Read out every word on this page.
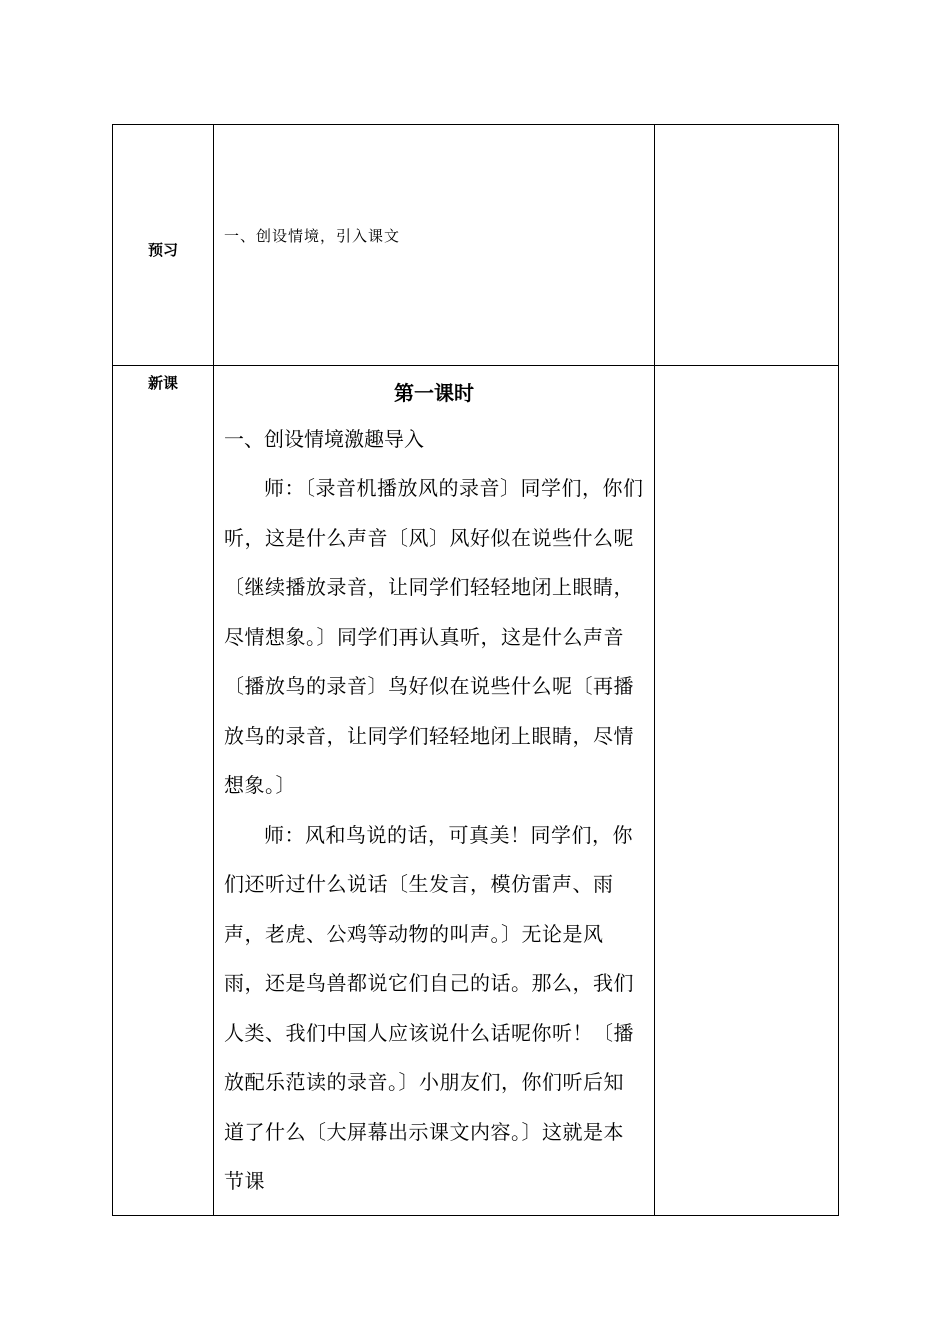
预习	一、创设情境，引入课文	

新课	第一课时
一、创设情境激趣导入

师：〔录音机播放风的录音〕同学们，你们听，这是什么声音〔风〕风好似在说些什么呢〔继续播放录音，让同学们轻轻地闭上眼睛，尽情想象。〕同学们再认真听，这是什么声音〔播放鸟的录音〕鸟好似在说些什么呢〔再播放鸟的录音，让同学们轻轻地闭上眼睛，尽情想象。〕

师：风和鸟说的话，可真美！同学们，你们还听过什么说话〔生发言，模仿雷声、雨声，老虎、公鸡等动物的叫声。〕无论是风雨，还是鸟兽都说它们自己的话。那么，我们人类、我们中国人应该说什么话呢你听！〔播放配乐范读的录音。〕小朋友们，你们听后知道了什么〔大屏幕出示课文内容。〕这就是本节课	
